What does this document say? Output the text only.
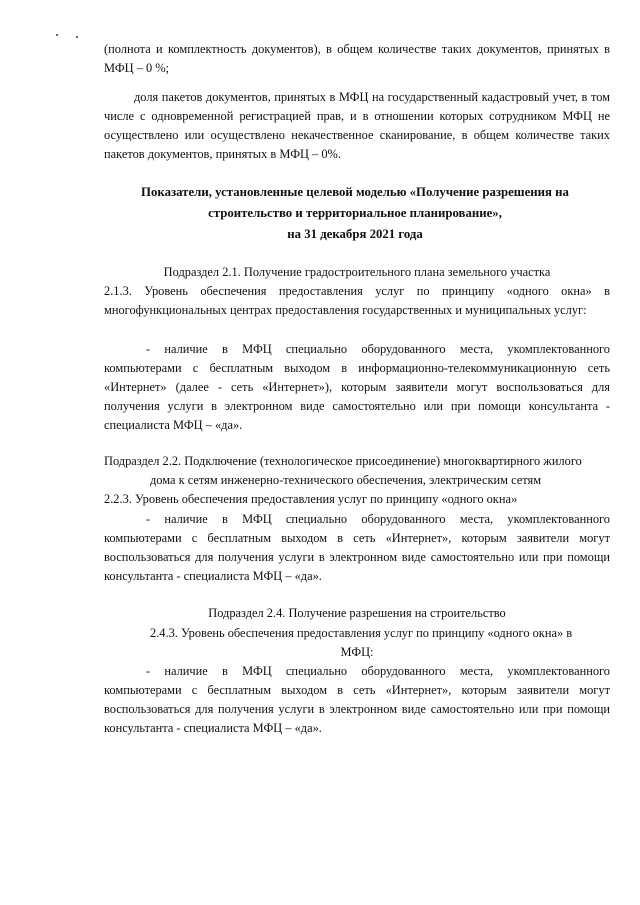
(полнота и комплектность документов), в общем количестве таких документов, принятых в МФЦ – 0 %;

доля пакетов документов, принятых в МФЦ на государственный кадастровый учет, в том числе с одновременной регистрацией прав, и в отношении которых сотрудником МФЦ не осуществлено или осуществлено некачественное сканирование, в общем количестве таких пакетов документов, принятых в МФЦ – 0%.

Показатели, установленные целевой моделью «Получение разрешения на

строительство и территориальное планирование»,

на 31 декабря 2021 года

Подраздел 2.1. Получение градостроительного плана земельного участка

2.1.3. Уровень обеспечения предоставления услуг по принципу «одного окна» в многофункциональных центрах предоставления государственных и муниципальных услуг:

- наличие в МФЦ специально оборудованного места, укомплектованного компьютерами с бесплатным выходом в информационно-телекоммуникационную сеть «Интернет» (далее - сеть «Интернет»), которым заявители могут воспользоваться для получения услуги в электронном виде самостоятельно или при помощи консультанта - специалиста МФЦ – «да».

Подраздел 2.2. Подключение (технологическое присоединение) многоквартирного жилого

дома к сетям инженерно-технического обеспечения, электрическим сетям

2.2.3. Уровень обеспечения предоставления услуг по принципу «одного окна»

- наличие в МФЦ специально оборудованного места, укомплектованного компьютерами с бесплатным выходом в сеть «Интернет», которым заявители могут воспользоваться для получения услуги в электронном виде самостоятельно или при помощи консультанта - специалиста МФЦ – «да».

Подраздел 2.4. Получение разрешения на строительство

2.4.3. Уровень обеспечения предоставления услуг по принципу «одного окна» в

МФЦ:

- наличие в МФЦ специально оборудованного места, укомплектованного компьютерами с бесплатным выходом в сеть «Интернет», которым заявители могут воспользоваться для получения услуги в электронном виде самостоятельно или при помощи консультанта - специалиста МФЦ – «да».
